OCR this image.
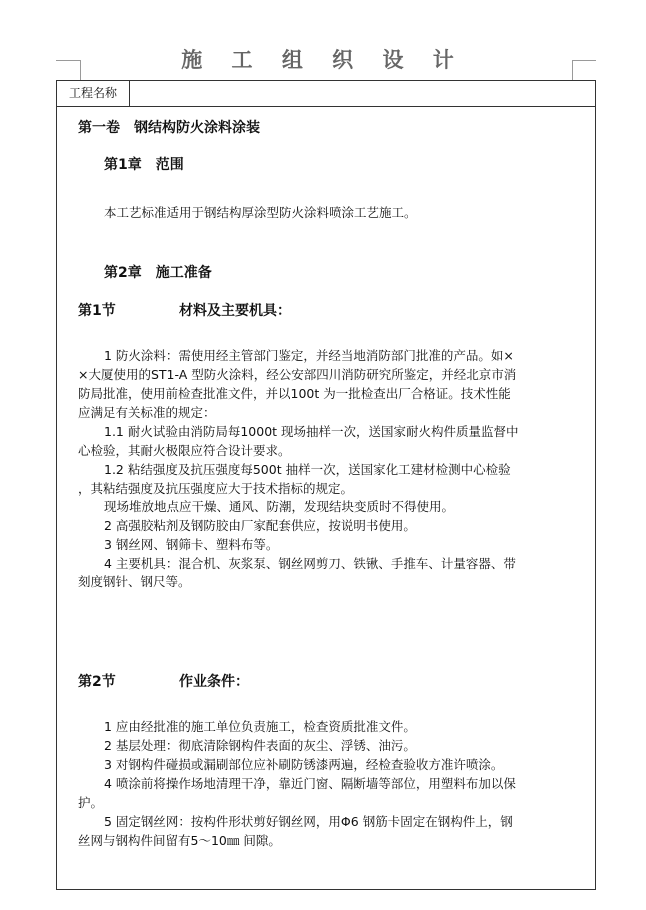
施 工 组 织 设 计
工程名称
第一卷　钢结构防火涂料涂装
第1章　范围
本工艺标准适用于钢结构厚涂型防火涂料喷涂工艺施工。
第2章　施工准备
第1节	材料及主要机具：
1 防火涂料：需使用经主管部门鉴定，并经当地消防部门批准的产品。如×
×大厦使用的ST1-A 型防火涂料，经公安部四川消防研究所鉴定，并经北京市消
防局批准，使用前检查批准文件，并以100t 为一批检查出厂合格证。技术性能
应满足有关标准的规定：
1.1 耐火试验由消防局每1000t 现场抽样一次，送国家耐火构件质量监督中
心检验，其耐火极限应符合设计要求。
1.2 粘结强度及抗压强度每500t 抽样一次，送国家化工建材检测中心检验
，其粘结强度及抗压强度应大于技术指标的规定。
现场堆放地点应干燥、通风、防潮，发现结块变质时不得使用。
2 高强胶粘剂及钢防胶由厂家配套供应，按说明书使用。
3 钢丝网、钢筛卡、塑料布等。
4 主要机具：混合机、灰浆泵、钢丝网剪刀、铁锹、手推车、计量容器、带
刻度钢针、钢尺等。
第2节	作业条件：
1 应由经批准的施工单位负责施工，检查资质批准文件。
2 基层处理：彻底清除钢构件表面的灰尘、浮锈、油污。
3 对钢构件碰损或漏刷部位应补刷防锈漆两遍，经检查验收方准许喷涂。
4 喷涂前将操作场地清理干净，靠近门窗、隔断墙等部位，用塑料布加以保
护。
5 固定钢丝网：按构件形状剪好钢丝网，用Φ6 钢筋卡固定在钢构件上，钢
丝网与钢构件间留有5～10㎜ 间隙。
